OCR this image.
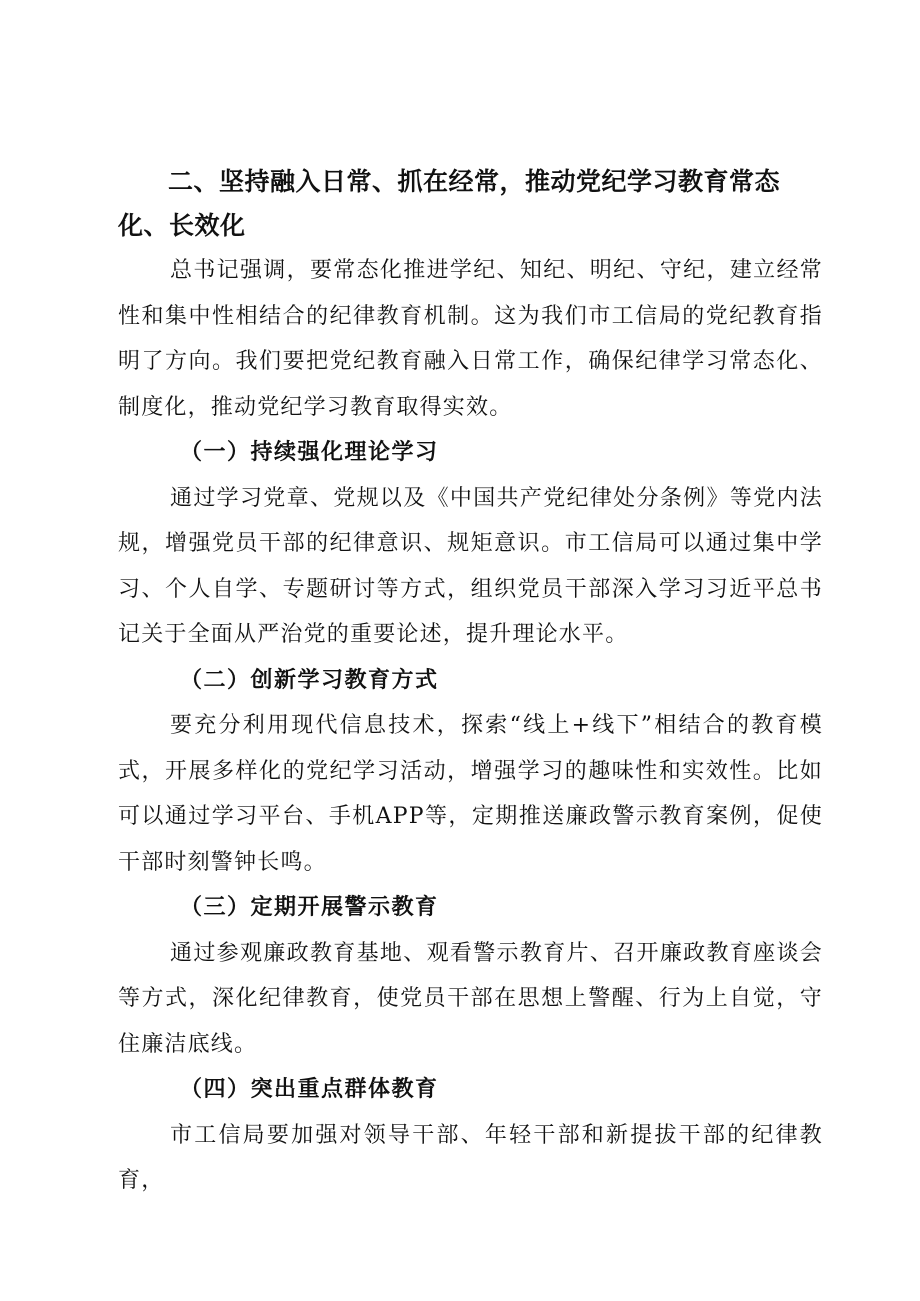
二、坚持融入日常、抓在经常，推动党纪学习教育常态化、长效化

总书记强调，要常态化推进学纪、知纪、明纪、守纪，建立经常性和集中性相结合的纪律教育机制。这为我们市工信局的党纪教育指明了方向。我们要把党纪教育融入日常工作，确保纪律学习常态化、制度化，推动党纪学习教育取得实效。

（一）持续强化理论学习

通过学习党章、党规以及《中国共产党纪律处分条例》等党内法规，增强党员干部的纪律意识、规矩意识。市工信局可以通过集中学习、个人自学、专题研讨等方式，组织党员干部深入学习习近平总书记关于全面从严治党的重要论述，提升理论水平。

（二）创新学习教育方式

要充分利用现代信息技术，探索“线上+线下”相结合的教育模式，开展多样化的党纪学习活动，增强学习的趣味性和实效性。比如可以通过学习平台、手机APP等，定期推送廉政警示教育案例，促使干部时刻警钟长鸣。

（三）定期开展警示教育

通过参观廉政教育基地、观看警示教育片、召开廉政教育座谈会等方式，深化纪律教育，使党员干部在思想上警醒、行为上自觉，守住廉洁底线。

（四）突出重点群体教育

市工信局要加强对领导干部、年轻干部和新提拔干部的纪律教育，
